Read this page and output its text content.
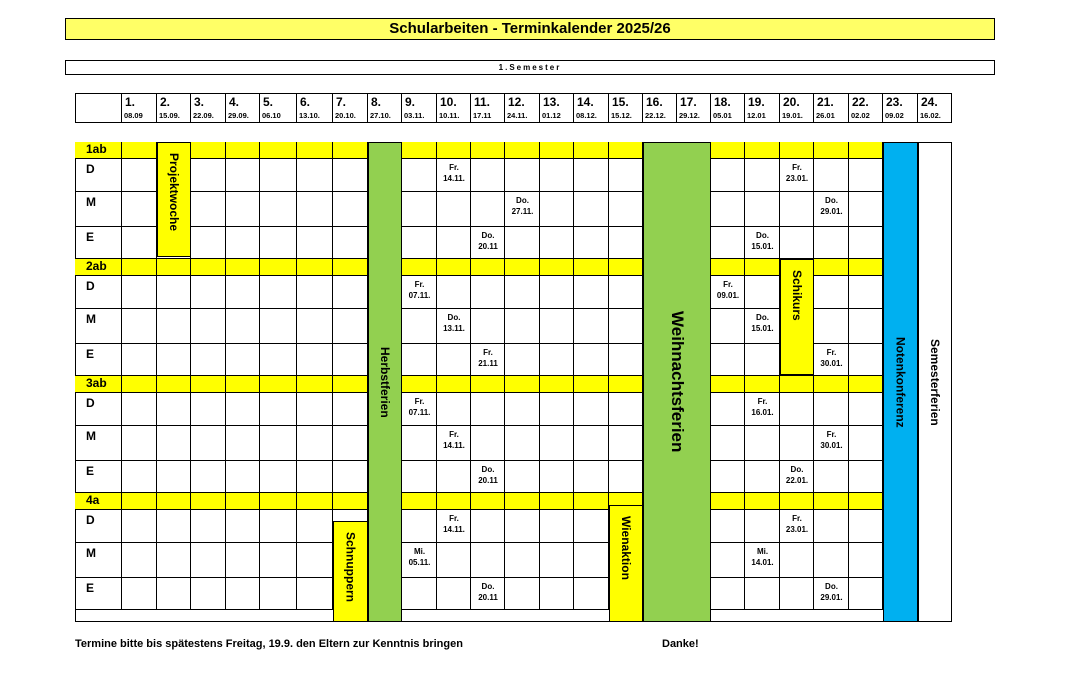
Schularbeiten - Terminkalender 2025/26
1.Semester
1.
08.09
2.
15.09.
3.
22.09.
4.
29.09.
5.
06.10
6.
13.10.
7.
20.10.
8.
27.10.
9.
03.11.
10.
10.11.
11.
17.11
12.
24.11.
13.
01.12
14.
08.12.
15.
15.12.
16.
22.12.
17.
29.12.
18.
05.01
19.
12.01
20.
19.01.
21.
26.01
22.
02.02
23.
09.02
24.
16.02.
1ab
D
M
E
2ab
D
M
E
3ab
D
M
E
4a
D
M
E
Fr.
14.11.
Fr.
23.01.
Do.
27.11.
Do.
29.01.
Do.
20.11
Do.
15.01.
Fr.
07.11.
Fr.
09.01.
Do.
13.11.
Do.
15.01.
Fr.
21.11
Fr.
30.01.
Fr.
07.11.
Fr.
16.01.
Fr.
14.11.
Fr.
30.01.
Do.
20.11
Do.
22.01.
Fr.
14.11.
Fr.
23.01.
Mi.
05.11.
Mi.
14.01.
Do.
20.11
Do.
29.01.
Projektwoche
Herbstferien
Schnuppern
Weihnachtsferien
Wienaktion
Schikurs
Notenkonferenz Semesterferien
Termine bitte bis spätestens Freitag, 19.9. den Eltern zur Kenntnis bringen	Danke!
